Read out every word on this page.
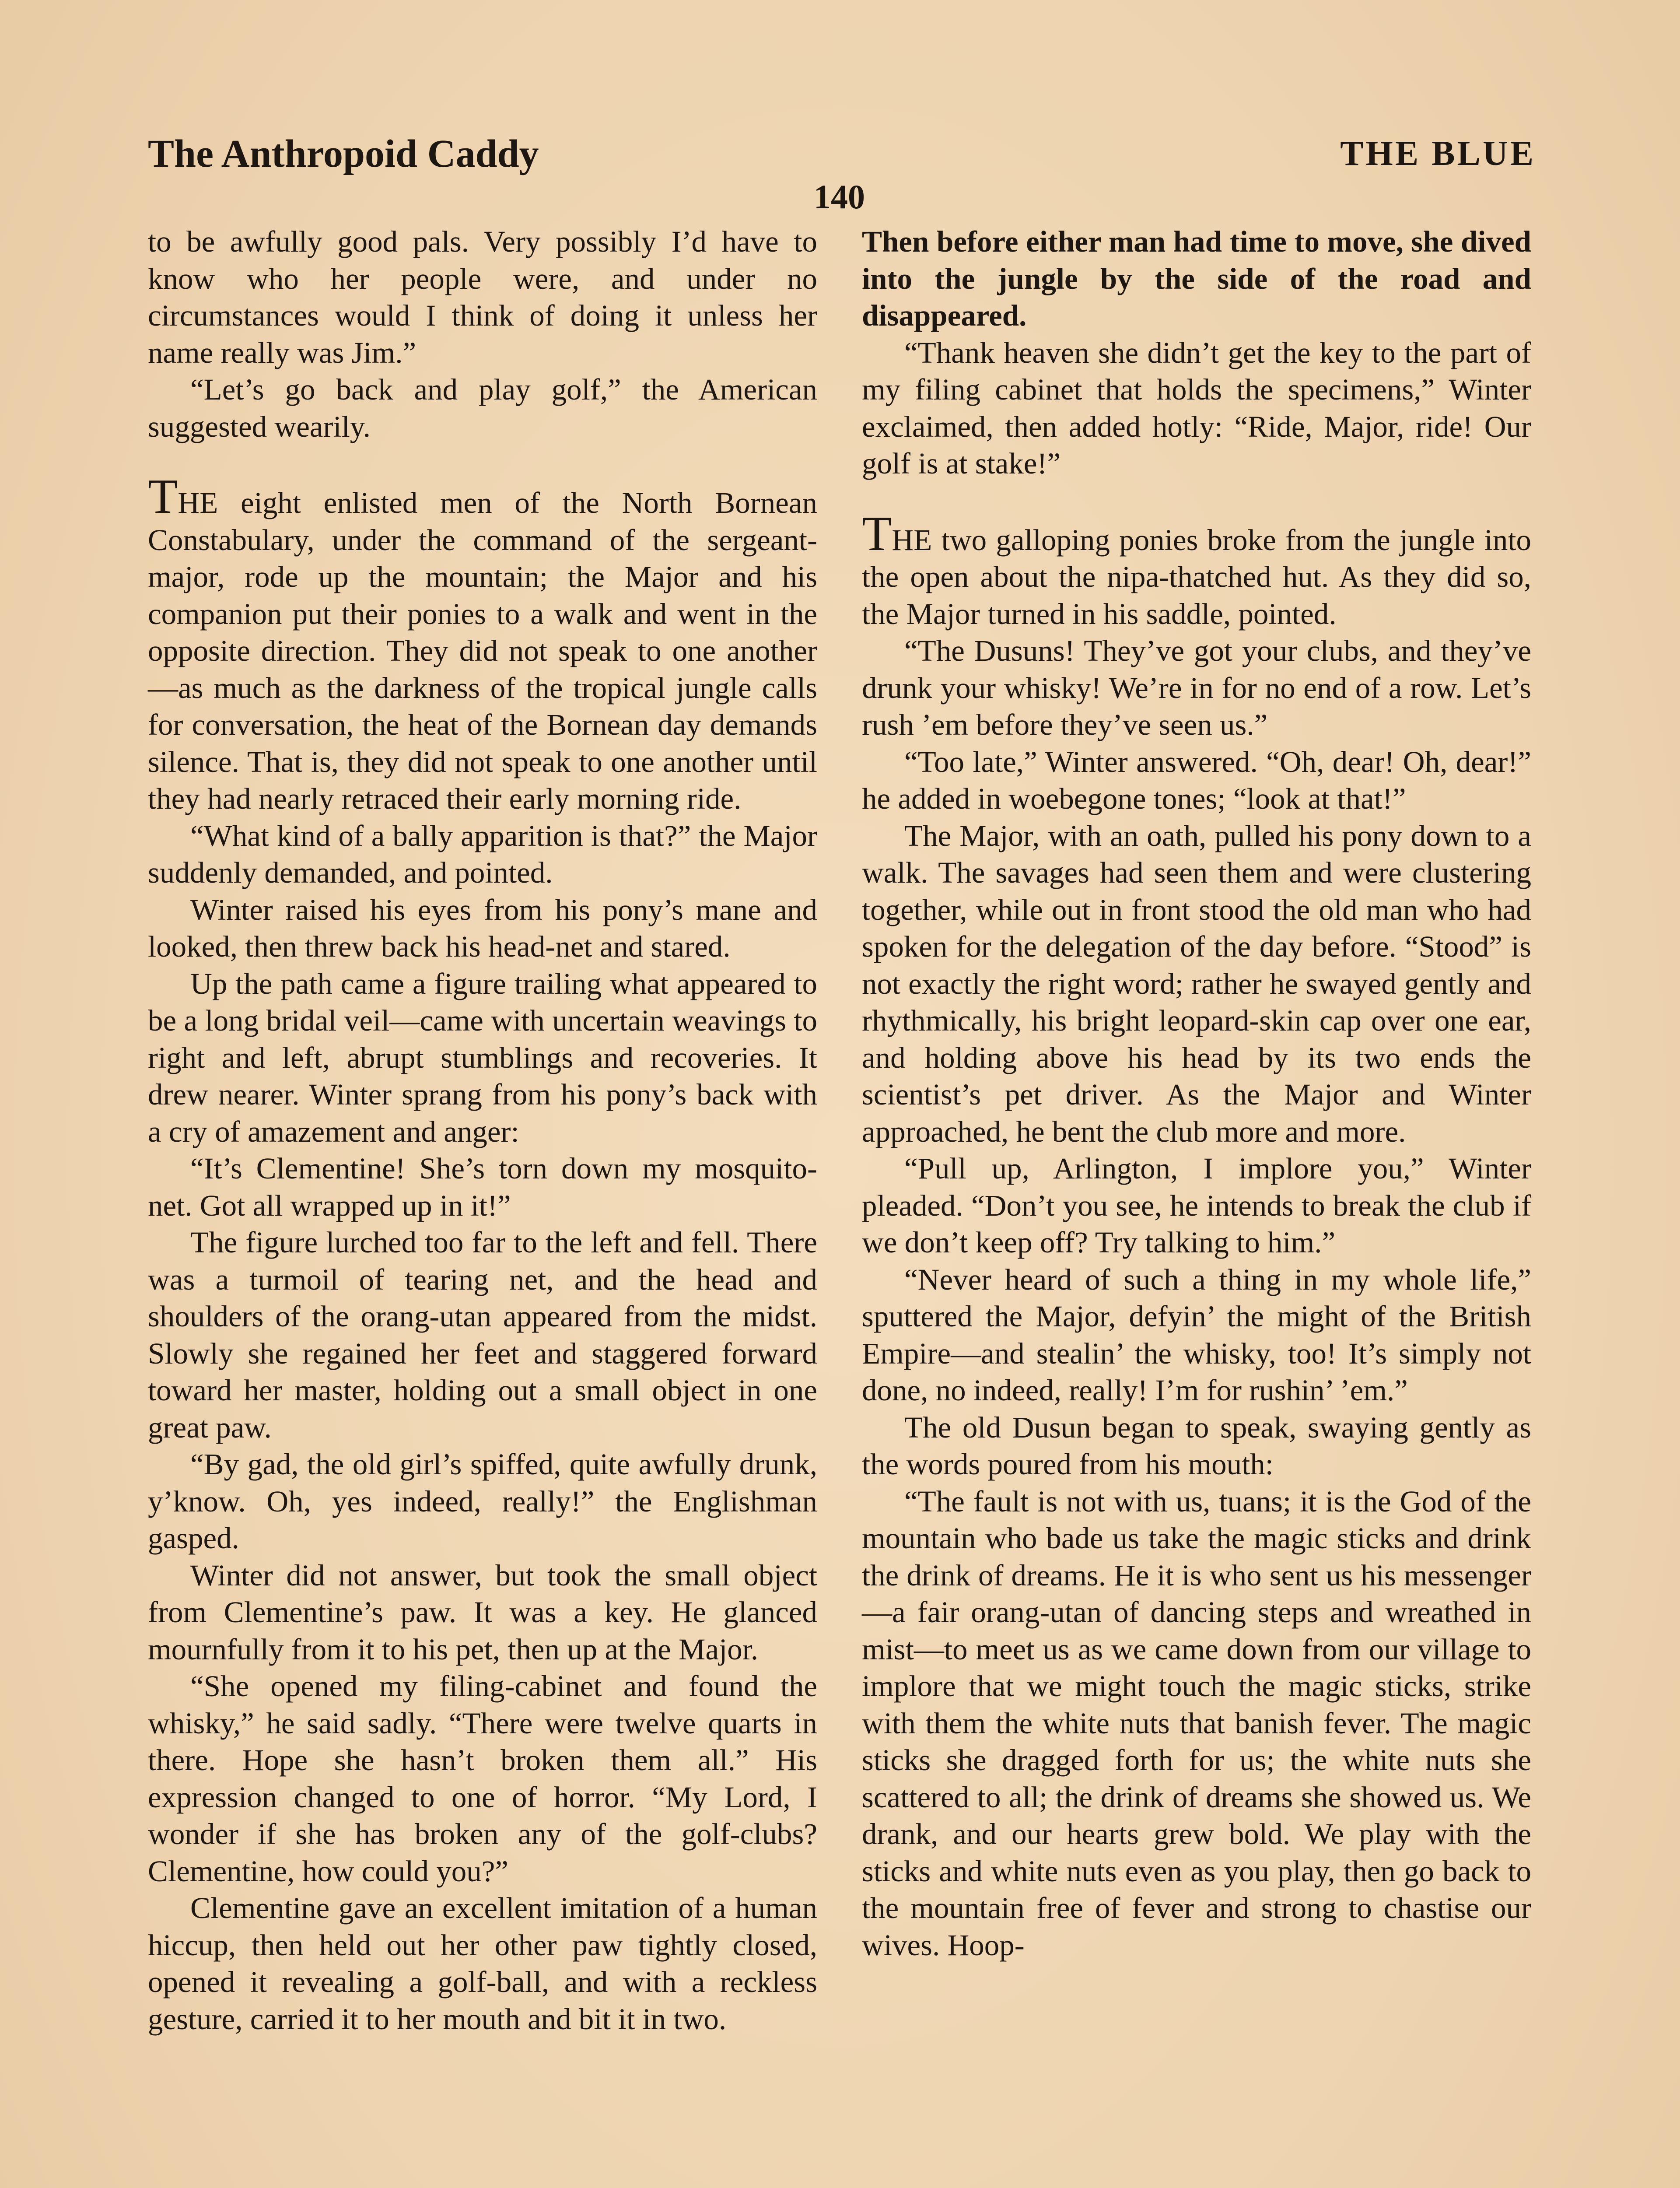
The Anthropoid Caddy	THE BLUE
140

to be awfully good pals. Very possibly I’d have to know who her people were, and under no circumstances would I think of doing it unless her name really was Jim.”

“Let’s go back and play golf,” the American suggested wearily.

THE eight enlisted men of the North Bornean Constabulary, under the command of the sergeant-major, rode up the mountain; the Major and his companion put their ponies to a walk and went in the opposite direction. They did not speak to one another—as much as the darkness of the tropical jungle calls for conversation, the heat of the Bornean day demands silence. That is, they did not speak to one another until they had nearly retraced their early morning ride.

“What kind of a bally apparition is that?” the Major suddenly demanded, and pointed.

Winter raised his eyes from his pony’s mane and looked, then threw back his head-net and stared.

Up the path came a figure trailing what appeared to be a long bridal veil—came with uncertain weavings to right and left, abrupt stumblings and recoveries. It drew nearer. Winter sprang from his pony’s back with a cry of amazement and anger:

“It’s Clementine! She’s torn down my mosquito-net. Got all wrapped up in it!”

The figure lurched too far to the left and fell. There was a turmoil of tearing net, and the head and shoulders of the orang-utan appeared from the midst. Slowly she regained her feet and staggered forward toward her master, holding out a small object in one great paw.

“By gad, the old girl’s spiffed, quite awfully drunk, y’know. Oh, yes indeed, really!” the Englishman gasped.

Winter did not answer, but took the small object from Clementine’s paw. It was a key. He glanced mournfully from it to his pet, then up at the Major.

“She opened my filing-cabinet and found the whisky,” he said sadly. “There were twelve quarts in there. Hope she hasn’t broken them all.” His expression changed to one of horror. “My Lord, I wonder if she has broken any of the golf-clubs? Clementine, how could you?”

Clementine gave an excellent imitation of a human hiccup, then held out her other paw tightly closed, opened it revealing a golf-ball, and with a reckless gesture, carried it to her mouth and bit it in two.

Then before either man had time to move, she dived into the jungle by the side of the road and disappeared.

“Thank heaven she didn’t get the key to the part of my filing cabinet that holds the specimens,” Winter exclaimed, then added hotly: “Ride, Major, ride! Our golf is at stake!”

THE two galloping ponies broke from the jungle into the open about the nipa-thatched hut. As they did so, the Major turned in his saddle, pointed.

“The Dusuns! They’ve got your clubs, and they’ve drunk your whisky! We’re in for no end of a row. Let’s rush ’em before they’ve seen us.”

“Too late,” Winter answered. “Oh, dear! Oh, dear!” he added in woebegone tones; “look at that!”

The Major, with an oath, pulled his pony down to a walk. The savages had seen them and were clustering together, while out in front stood the old man who had spoken for the delegation of the day before. “Stood” is not exactly the right word; rather he swayed gently and rhythmically, his bright leopard-skin cap over one ear, and holding above his head by its two ends the scientist’s pet driver. As the Major and Winter approached, he bent the club more and more.

“Pull up, Arlington, I implore you,” Winter pleaded. “Don’t you see, he intends to break the club if we don’t keep off? Try talking to him.”

“Never heard of such a thing in my whole life,” sputtered the Major, defyin’ the might of the British Empire—and stealin’ the whisky, too! It’s simply not done, no indeed, really! I’m for rushin’ ’em.”

The old Dusun began to speak, swaying gently as the words poured from his mouth:

“The fault is not with us, tuans; it is the God of the mountain who bade us take the magic sticks and drink the drink of dreams. He it is who sent us his messenger—a fair orang-utan of dancing steps and wreathed in mist—to meet us as we came down from our village to implore that we might touch the magic sticks, strike with them the white nuts that banish fever. The magic sticks she dragged forth for us; the white nuts she scattered to all; the drink of dreams she showed us. We drank, and our hearts grew bold. We play with the sticks and white nuts even as you play, then go back to the mountain free of fever and strong to chastise our wives. Hoop-
